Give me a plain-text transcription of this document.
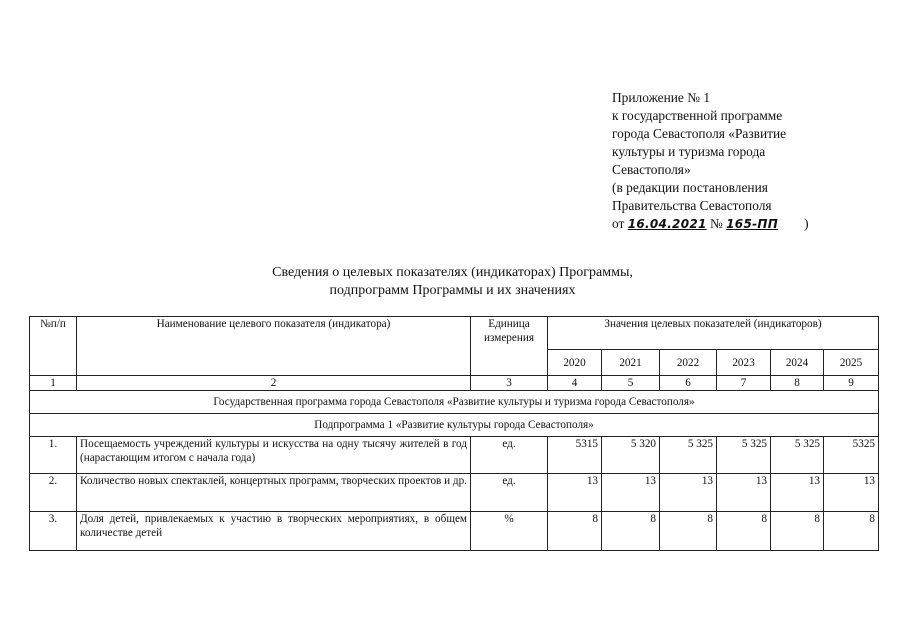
Приложение № 1
к государственной программе
города Севастополя «Развитие
культуры и туризма города
Севастополя»
(в редакции постановления
Правительства Севастополя
от 16.04.2021 № 165-ПП )
Сведения о целевых показателях (индикаторах) Программы,
подпрограмм Программы и их значениях
№п/п	Наименование целевого показателя (индикатора)	Единица измерения	Значения целевых показателей (индикаторов)					
			2020	2021	2022	2023	2024	2025
1	2	3	4	5	6	7	8	9
Государственная программа города Севастополя «Развитие культуры и туризма города Севастополя»								
Подпрограмма 1 «Развитие культуры города Севастополя»								
1.	Посещаемость учреждений культуры и искусства на одну тысячу жителей в год (нарастающим итогом с начала года)	ед.	5315	5 320	5 325	5 325	5 325	5325
2.	Количество новых спектаклей, концертных программ, творческих проектов и др.	ед.	13	13	13	13	13	13
3.	Доля детей, привлекаемых к участию в творческих мероприятиях, в общем количестве детей	%	8	8	8	8	8	8
